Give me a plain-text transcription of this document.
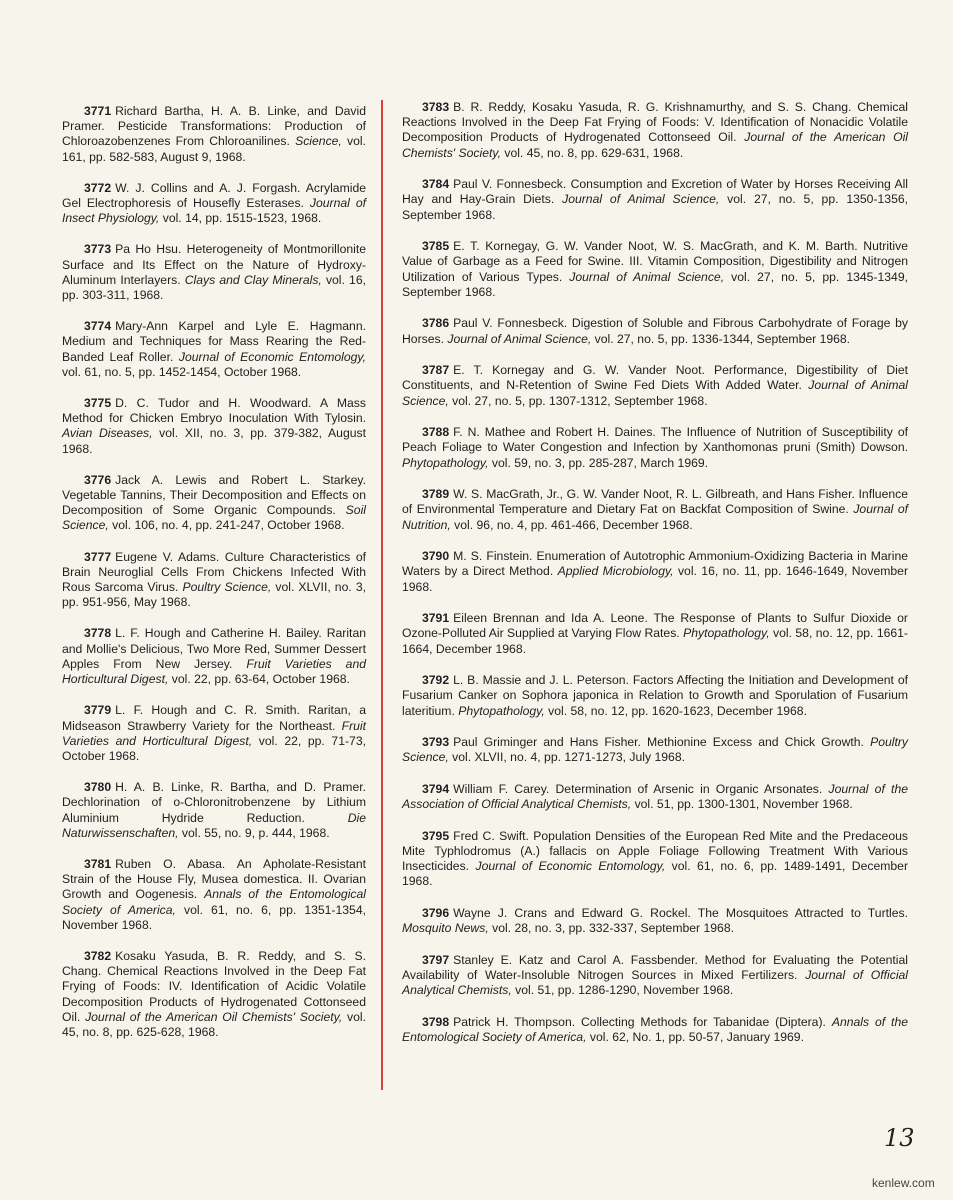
3771 Richard Bartha, H. A. B. Linke, and David Pramer. Pesticide Transformations: Production of Chloroazobenzenes From Chloroanilines. Science, vol. 161, pp. 582-583, August 9, 1968.

3772 W. J. Collins and A. J. Forgash. Acrylamide Gel Electrophoresis of Housefly Esterases. Journal of Insect Physiology, vol. 14, pp. 1515-1523, 1968.

3773 Pa Ho Hsu. Heterogeneity of Montmorillonite Surface and Its Effect on the Nature of Hydroxy-Aluminum Interlayers. Clays and Clay Minerals, vol. 16, pp. 303-311, 1968.

3774 Mary-Ann Karpel and Lyle E. Hagmann. Medium and Techniques for Mass Rearing the Red-Banded Leaf Roller. Journal of Economic Entomology, vol. 61, no. 5, pp. 1452-1454, October 1968.

3775 D. C. Tudor and H. Woodward. A Mass Method for Chicken Embryo Inoculation With Tylosin. Avian Diseases, vol. XII, no. 3, pp. 379-382, August 1968.

3776 Jack A. Lewis and Robert L. Starkey. Vegetable Tannins, Their Decomposition and Effects on Decomposition of Some Organic Compounds. Soil Science, vol. 106, no. 4, pp. 241-247, October 1968.

3777 Eugene V. Adams. Culture Characteristics of Brain Neuroglial Cells From Chickens Infected With Rous Sarcoma Virus. Poultry Science, vol. XLVII, no. 3, pp. 951-956, May 1968.

3778 L. F. Hough and Catherine H. Bailey. Raritan and Mollie's Delicious, Two More Red, Summer Dessert Apples From New Jersey. Fruit Varieties and Horticultural Digest, vol. 22, pp. 63-64, October 1968.

3779 L. F. Hough and C. R. Smith. Raritan, a Midseason Strawberry Variety for the Northeast. Fruit Varieties and Horticultural Digest, vol. 22, pp. 71-73, October 1968.

3780 H. A. B. Linke, R. Bartha, and D. Pramer. Dechlorination of o-Chloronitrobenzene by Lithium Aluminium Hydride Reduction.	Die Naturwissenschaften, vol. 55, no. 9, p. 444, 1968.

3781 Ruben O. Abasa. An Apholate-Resistant Strain of the House Fly, Musea domestica. II. Ovarian Growth and Oogenesis. Annals of the Entomological Society of America, vol. 61, no. 6, pp. 1351-1354, November 1968.

3782 Kosaku Yasuda, B. R. Reddy, and S. S. Chang. Chemical Reactions Involved in the Deep Fat Frying of Foods: IV. Identification of Acidic Volatile Decomposition Products of Hydrogenated Cottonseed Oil. Journal of the American Oil Chemists' Society, vol. 45, no. 8, pp. 625-628, 1968.

3783 B. R. Reddy, Kosaku Yasuda, R. G. Krishnamurthy, and S. S. Chang. Chemical Reactions Involved in the Deep Fat Frying of Foods: V. Identification of Nonacidic Volatile Decomposition Products of Hydrogenated Cottonseed Oil. Journal of the American Oil Chemists' Society, vol. 45, no. 8, pp. 629-631, 1968.

3784 Paul V. Fonnesbeck. Consumption and Excretion of Water by Horses Receiving All Hay and Hay-Grain Diets. Journal of Animal Science, vol. 27, no. 5, pp. 1350-1356, September 1968.

3785 E. T. Kornegay, G. W. Vander Noot, W. S. MacGrath, and K. M. Barth. Nutritive Value of Garbage as a Feed for Swine. III. Vitamin Composition, Digestibility and Nitrogen Utilization of Various Types. Journal of Animal Science, vol. 27, no. 5, pp. 1345-1349, September 1968.

3786 Paul V. Fonnesbeck. Digestion of Soluble and Fibrous Carbohydrate of Forage by Horses. Journal of Animal Science, vol. 27, no. 5, pp. 1336-1344, September 1968.

3787 E. T. Kornegay and G. W. Vander Noot. Performance, Digestibility of Diet Constituents, and N-Retention of Swine Fed Diets With Added Water. Journal of Animal Science, vol. 27, no. 5, pp. 1307-1312, September 1968.

3788 F. N. Mathee and Robert H. Daines. The Influence of Nutrition of Susceptibility of Peach Foliage to Water Congestion and Infection by Xanthomonas pruni (Smith) Dowson. Phytopathology, vol. 59, no. 3, pp. 285-287, March 1969.

3789 W. S. MacGrath, Jr., G. W. Vander Noot, R. L. Gilbreath, and Hans Fisher. Influence of Environmental Temperature and Dietary Fat on Backfat Composition of Swine. Journal of Nutrition, vol. 96, no. 4, pp. 461-466, December 1968.

3790 M. S. Finstein. Enumeration of Autotrophic Ammonium-Oxidizing Bacteria in Marine Waters by a Direct Method. Applied Microbiology, vol. 16, no. 11, pp. 1646-1649, November 1968.

3791 Eileen Brennan and Ida A. Leone. The Response of Plants to Sulfur Dioxide or Ozone-Polluted Air Supplied at Varying Flow Rates. Phytopathology, vol. 58, no. 12, pp. 1661-1664, December 1968.

3792 L. B. Massie and J. L. Peterson. Factors Affecting the Initiation and Development of Fusarium Canker on Sophora japonica in Relation to Growth and Sporulation of Fusarium lateritium. Phytopathology, vol. 58, no. 12, pp. 1620-1623, December 1968.

3793 Paul Griminger and Hans Fisher. Methionine Excess and Chick Growth. Poultry Science, vol. XLVII, no. 4, pp. 1271-1273, July 1968.

3794 William F. Carey. Determination of Arsenic in Organic Arsonates. Journal of the Association of Official Analytical Chemists, vol. 51, pp. 1300-1301, November 1968.

3795 Fred C. Swift. Population Densities of the European Red Mite and the Predaceous Mite Typhlodromus (A.) fallacis on Apple Foliage Following Treatment With Various Insecticides. Journal of Economic Entomology, vol. 61, no. 6, pp. 1489-1491, December 1968.

3796 Wayne J. Crans and Edward G. Rockel. The Mosquitoes Attracted to Turtles. Mosquito News, vol. 28, no. 3, pp. 332-337, September 1968.

3797 Stanley E. Katz and Carol A. Fassbender. Method for Evaluating the Potential Availability of Water-Insoluble Nitrogen Sources in Mixed Fertilizers. Journal of Official Analytical Chemists, vol. 51, pp. 1286-1290, November 1968.

3798 Patrick H. Thompson. Collecting Methods for Tabanidae (Diptera). Annals of the Entomological Society of America, vol. 62, No. 1, pp. 50-57, January 1969.

13
kenlew.com
